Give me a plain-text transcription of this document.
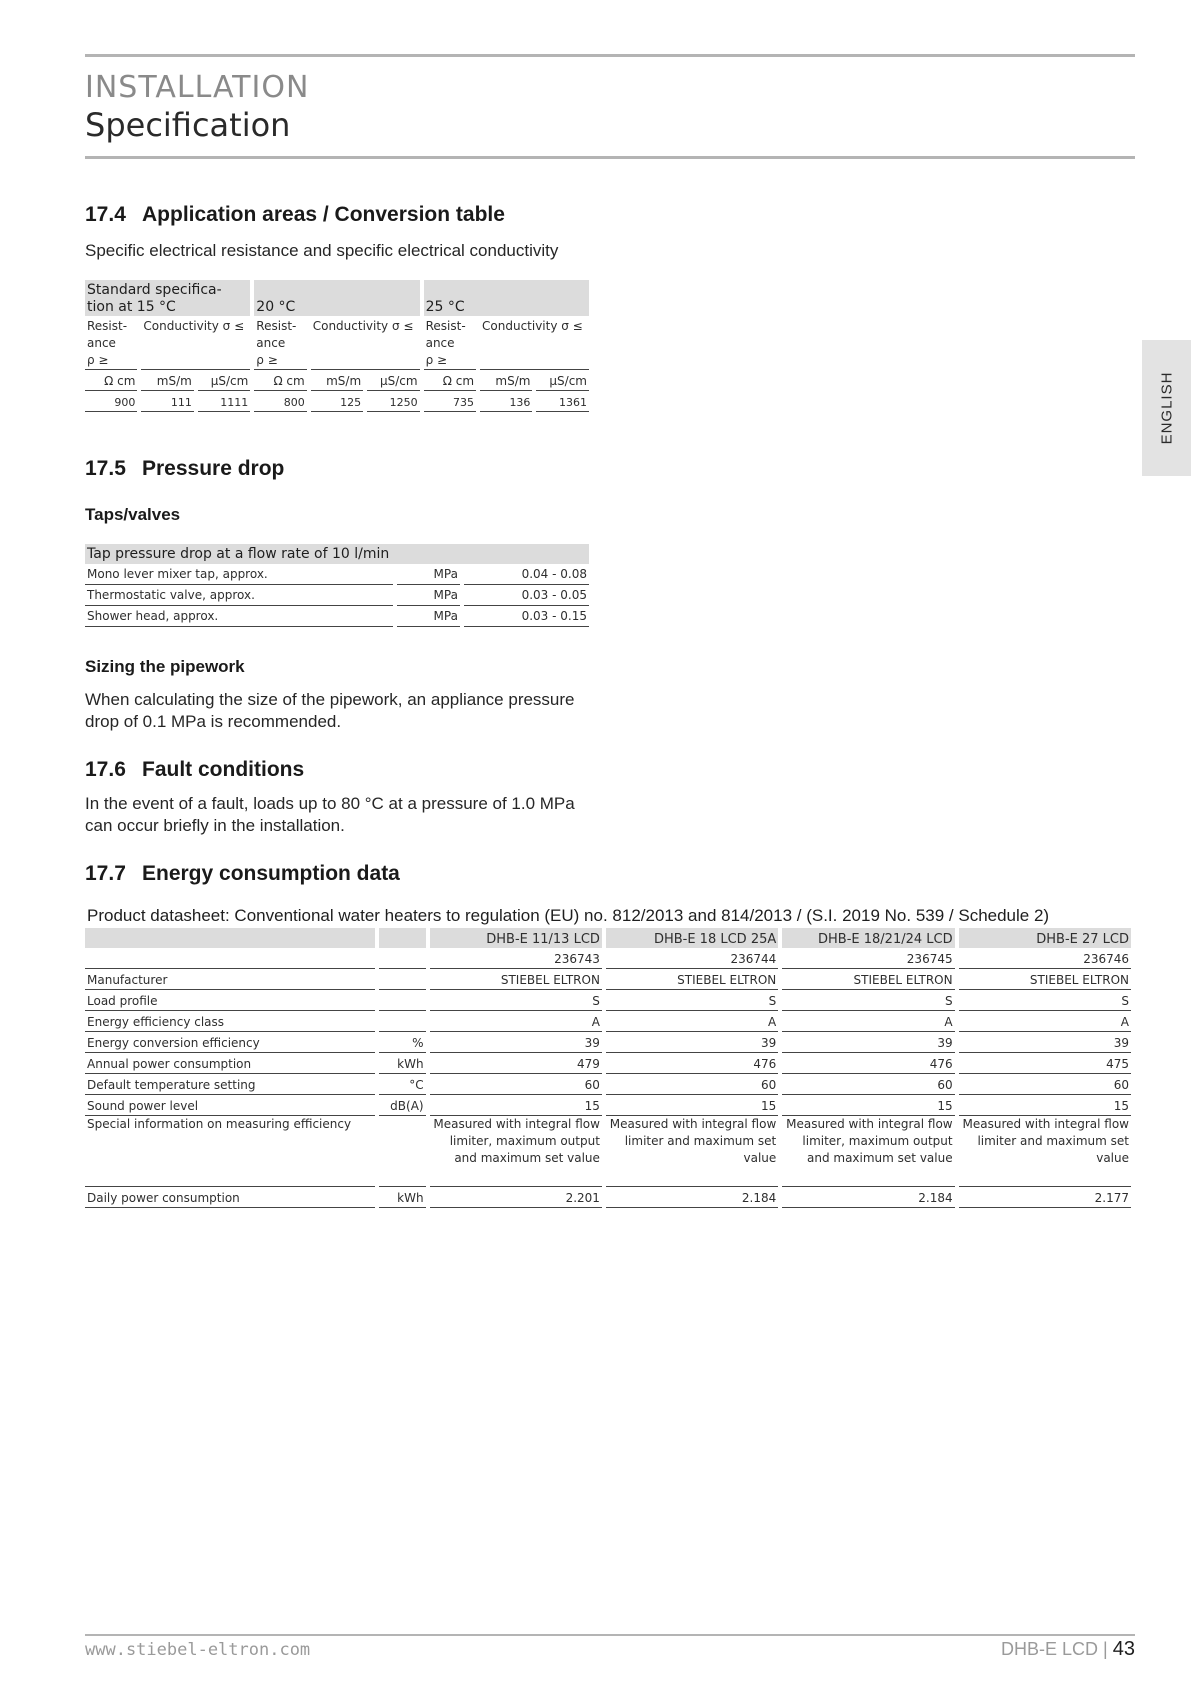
INSTALLATION
Specification
ENGLISH
17.4 Application areas / Conversion table
Specific electrical resistance and specific electrical conductivity
Standard specifica-
tion at 15 °C			20 °C			25 °C		
Resist-
ance
ρ ≥	Conductivity σ ≤		Resist-
ance
ρ ≥	Conductivity σ ≤		Resist-
ance
ρ ≥	Conductivity σ ≤	
Ω cm	mS/m	µS/cm	Ω cm	mS/m	µS/cm	Ω cm	mS/m	µS/cm
900	111	1111	800	125	1250	735	136	1361
17.5 Pressure drop
Taps/valves
Tap pressure drop at a flow rate of 10 l/min		
Mono lever mixer tap, approx.	MPa	0.04 - 0.08
Thermostatic valve, approx.	MPa	0.03 - 0.05
Shower head, approx.	MPa	0.03 - 0.15
Sizing the pipework
When calculating the size of the pipework, an appliance pressure drop of 0.1 MPa is recommended.
17.6 Fault conditions
In the event of a fault, loads up to 80 °C at a pressure of 1.0 MPa can occur briefly in the installation.
17.7 Energy consumption data
Product datasheet: Conventional water heaters to regulation (EU) no. 812/2013 and 814/2013 / (S.I. 2019 No. 539 / Schedule 2)
		DHB-E 11/13 LCD	DHB-E 18 LCD 25A	DHB-E 18/21/24 LCD	DHB-E 27 LCD
		236743	236744	236745	236746
Manufacturer		STIEBEL ELTRON	STIEBEL ELTRON	STIEBEL ELTRON	STIEBEL ELTRON
Load profile		S	S	S	S
Energy efficiency class		A	A	A	A
Energy conversion efficiency	%	39	39	39	39
Annual power consumption	kWh	479	476	476	475
Default temperature setting	°C	60	60	60	60
Sound power level	dB(A)	15	15	15	15
Special information on measuring efficiency		Measured with integral flow limiter, maximum output and maximum set value	Measured with integral flow limiter and maximum set value	Measured with integral flow limiter, maximum output and maximum set value	Measured with integral flow limiter and maximum set value
Daily power consumption	kWh	2.201	2.184	2.184	2.177
www.stiebel-eltron.com	DHB-E LCD | 43
